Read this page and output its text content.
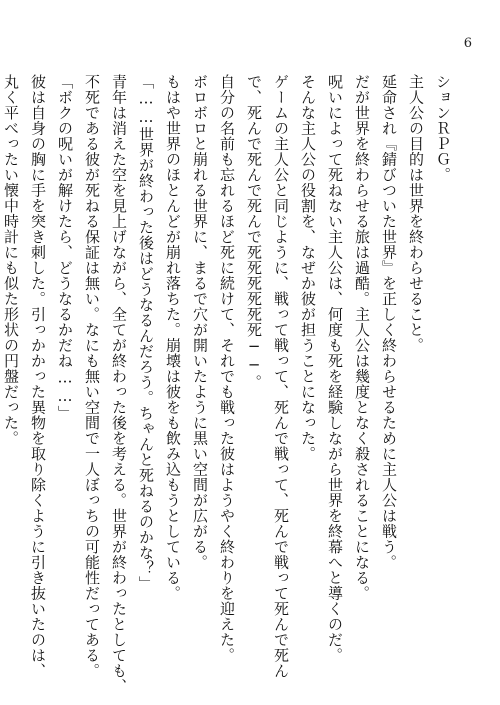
6
ションＲＰＧ。
主人公の目的は世界を終わらせること。
延命され『錆びついた世界』を正しく終わらせるために主人公は戦う。
だが世界を終わらせる旅は過酷。主人公は幾度となく殺されることになる。
呪いによって死ねない主人公は、何度も死を経験しながら世界を終幕へと導くのだ。
そんな主人公の役割を、なぜか彼が担うことになった。
ゲームの主人公と同じように、戦って戦って、死んで戦って、死んで戦って死んで死ん
で、死んで死んで死んで死死死死死死──。
自分の名前も忘れるほど死に続けて、それでも戦った彼はようやく終わりを迎えた。
ボロボロと崩れる世界に、まるで穴が開いたように黒い空間が広がる。
もはや世界のほとんどが崩れ落ちた。崩壊は彼をも飲み込もうとしている。
「……世界が終わった後はどうなるんだろう。ちゃんと死ねるのかな？」
青年は消えた空を見上げながら、全てが終わった後を考える。世界が終わったとしても、
不死である彼が死ねる保証は無い。なにも無い空間で一人ぼっちの可能性だってある。
「ボクの呪いが解けたら、どうなるかだね……」
彼は自身の胸に手を突き刺した。引っかかった異物を取り除くように引き抜いたのは、
丸く平べったい懐中時計にも似た形状の円盤だった。
